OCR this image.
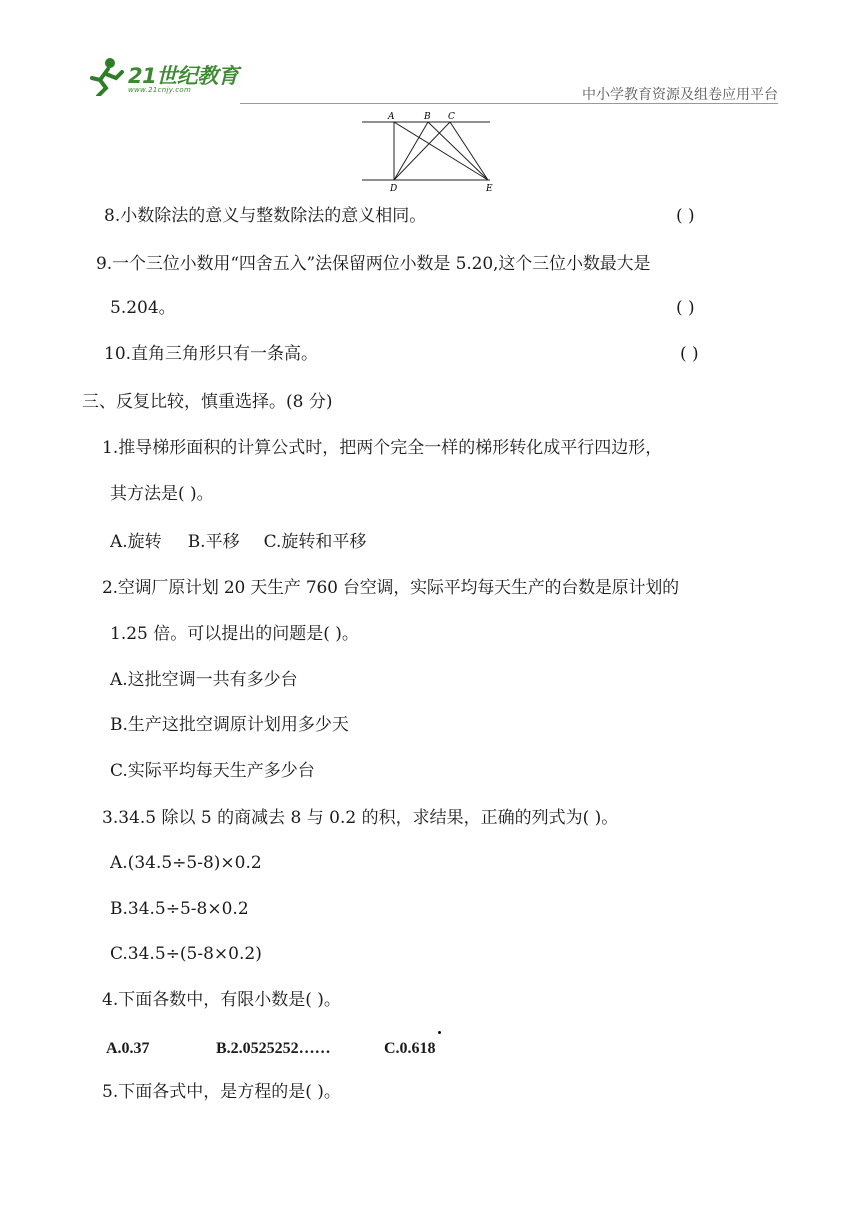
21世纪教育
www.21cnjy.com	中小学教育资源及组卷应用平台
A	B C
D	E
8.小数除法的意义与整数除法的意义相同。	( )
9.一个三位小数用“四舍五入”法保留两位小数是 5.20,这个三位小数最大是
5.204。	( )
10.直角三角形只有一条高。	( )
三、反复比较，慎重选择。(8 分)
1.推导梯形面积的计算公式时，把两个完全一样的梯形转化成平行四边形，
其方法是( )。
A.旋转 B.平移 C.旋转和平移
2.空调厂原计划 20 天生产 760 台空调，实际平均每天生产的台数是原计划的
1.25 倍。可以提出的问题是( )。
A.这批空调一共有多少台
B.生产这批空调原计划用多少天
C.实际平均每天生产多少台
3.34.5 除以 5 的商减去 8 与 0.2 的积，求结果，正确的列式为( )。
A.(34.5÷5-8)×0.2
B.34.5÷5-8×0.2
C.34.5÷(5-8×0.2)
4.下面各数中，有限小数是( )。
A.0.37	B.2.0525252……	C.0.618
5.下面各式中，是方程的是( )。
